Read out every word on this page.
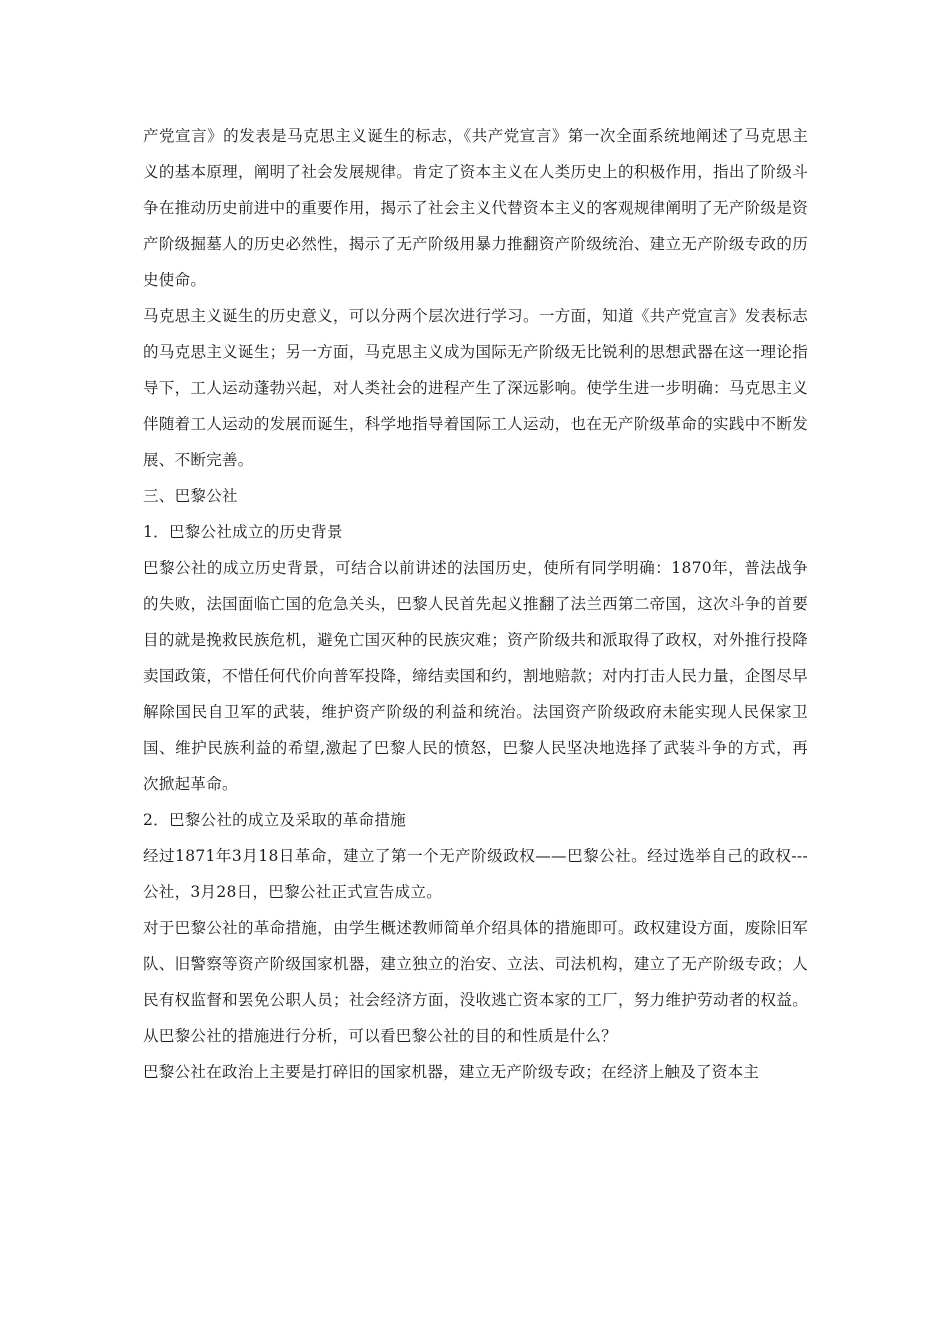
产党宣言》的发表是马克思主义诞生的标志，《共产党宣言》第一次全面系统地阐述了马克思主义的基本原理，阐明了社会发展规律。肯定了资本主义在人类历史上的积极作用，指出了阶级斗争在推动历史前进中的重要作用，揭示了社会主义代替资本主义的客观规律阐明了无产阶级是资产阶级掘墓人的历史必然性，揭示了无产阶级用暴力推翻资产阶级统治、建立无产阶级专政的历史使命。

马克思主义诞生的历史意义，可以分两个层次进行学习。一方面，知道《共产党宣言》发表标志的马克思主义诞生；另一方面，马克思主义成为国际无产阶级无比锐利的思想武器在这一理论指导下，工人运动蓬勃兴起，对人类社会的进程产生了深远影响。使学生进一步明确：马克思主义伴随着工人运动的发展而诞生，科学地指导着国际工人运动，也在无产阶级革命的实践中不断发展、不断完善。

三、巴黎公社

1．巴黎公社成立的历史背景

巴黎公社的成立历史背景，可结合以前讲述的法国历史，使所有同学明确：1870年，普法战争的失败，法国面临亡国的危急关头，巴黎人民首先起义推翻了法兰西第二帝国，这次斗争的首要目的就是挽救民族危机，避免亡国灭种的民族灾难；资产阶级共和派取得了政权，对外推行投降卖国政策，不惜任何代价向普军投降，缔结卖国和约，割地赔款；对内打击人民力量，企图尽早解除国民自卫军的武装，维护资产阶级的利益和统治。法国资产阶级政府未能实现人民保家卫国、维护民族利益的希望,激起了巴黎人民的愤怒，巴黎人民坚决地选择了武装斗争的方式，再次掀起革命。

2．巴黎公社的成立及采取的革命措施

经过1871年3月18日革命，建立了第一个无产阶级政权——巴黎公社。经过选举自己的政权---公社，3月28日，巴黎公社正式宣告成立。

对于巴黎公社的革命措施，由学生概述教师简单介绍具体的措施即可。政权建设方面，废除旧军队、旧警察等资产阶级国家机器，建立独立的治安、立法、司法机构，建立了无产阶级专政；人民有权监督和罢免公职人员；社会经济方面，没收逃亡资本家的工厂，努力维护劳动者的权益。从巴黎公社的措施进行分析，可以看巴黎公社的目的和性质是什么？

巴黎公社在政治上主要是打碎旧的国家机器，建立无产阶级专政；在经济上触及了资本主
